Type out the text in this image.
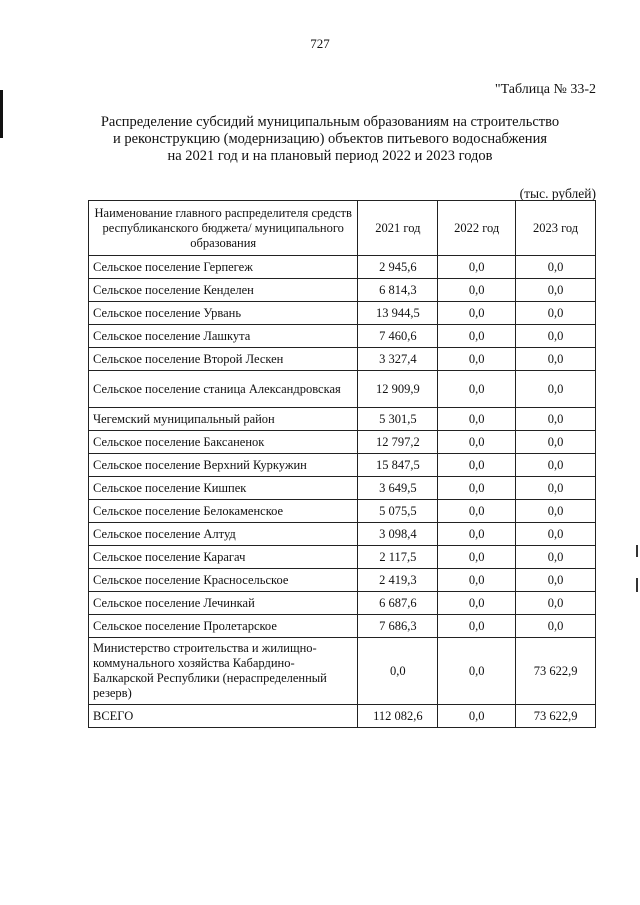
727
"Таблица № 33-2
Распределение субсидий муниципальным образованиям на строительство
и реконструкцию (модернизацию) объектов питьевого водоснабжения
на 2021 год и на плановый период 2022 и 2023 годов
(тыс. рублей)
Наименование главного распределителя средств республиканского бюджета/ муниципального образования	2021 год	2022 год	2023 год
Сельское поселение Герпегеж	2 945,6	0,0	0,0
Сельское поселение Кенделен	6 814,3	0,0	0,0
Сельское поселение Урвань	13 944,5	0,0	0,0
Сельское поселение Лашкута	7 460,6	0,0	0,0
Сельское поселение Второй Лескен	3 327,4	0,0	0,0
Сельское поселение станица Александровская	12 909,9	0,0	0,0
Чегемский муниципальный район	5 301,5	0,0	0,0
Сельское поселение Баксаненок	12 797,2	0,0	0,0
Сельское поселение Верхний Куркужин	15 847,5	0,0	0,0
Сельское поселение Кишпек	3 649,5	0,0	0,0
Сельское поселение Белокаменское	5 075,5	0,0	0,0
Сельское поселение Алтуд	3 098,4	0,0	0,0
Сельское поселение Карагач	2 117,5	0,0	0,0
Сельское поселение Красносельское	2 419,3	0,0	0,0
Сельское поселение Лечинкай	6 687,6	0,0	0,0
Сельское поселение Пролетарское	7 686,3	0,0	0,0
Министерство строительства и жилищно-коммунального хозяйства Кабардино-Балкарской Республики (нераспределенный резерв)	0,0	0,0	73 622,9
ВСЕГО	112 082,6	0,0	73 622,9
